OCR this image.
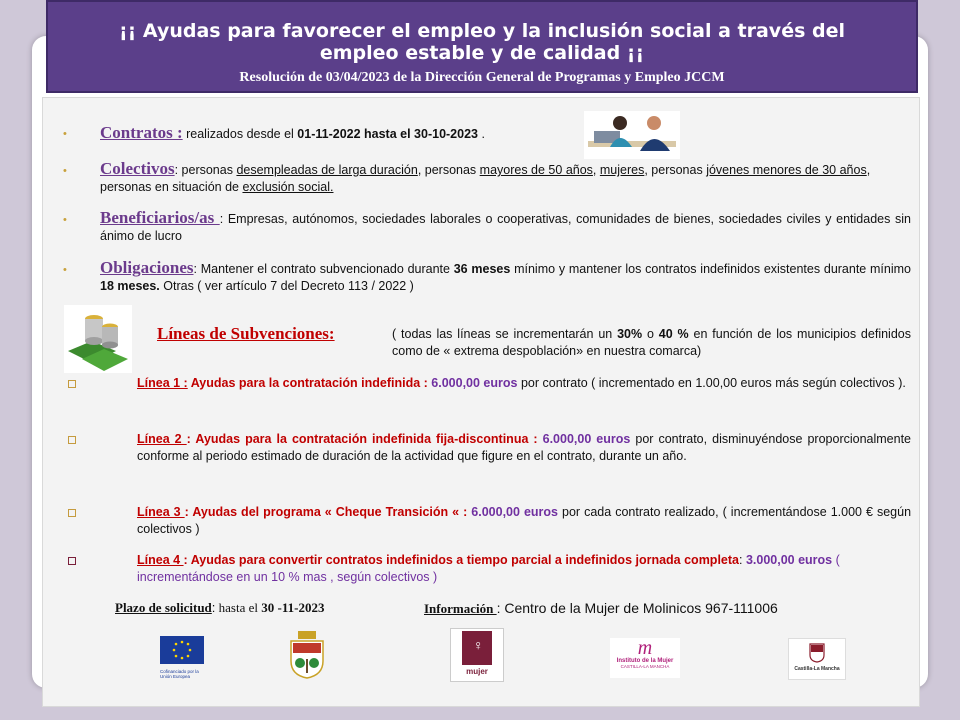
¡¡ Ayudas para favorecer el empleo y la inclusión social a través del empleo estable y de calidad ¡¡
Resolución de 03/04/2023 de la Dirección General de Programas y Empleo JCCM
• Contratos : realizados desde el 01-11-2022 hasta el 30-10-2023 .
• Colectivos: personas desempleadas de larga duración, personas mayores de 50 años, mujeres, personas jóvenes menores de 30 años, personas en situación de exclusión social.
• Beneficiarios/as : Empresas, autónomos, sociedades laborales o cooperativas, comunidades de bienes, sociedades civiles y entidades sin ánimo de lucro
• Obligaciones: Mantener el contrato subvencionado durante 36 meses mínimo y mantener los contratos indefinidos existentes durante mínimo 18 meses. Otras ( ver artículo 7 del Decreto 113 / 2022 )
Líneas de Subvenciones:	( todas las líneas se incrementarán un 30% o 40 % en función de los municipios definidos como de « extrema despoblación» en nuestra comarca)
Línea 1 : Ayudas para la contratación indefinida : 6.000,00 euros por contrato ( incrementado en 1.00,00 euros más según colectivos ).
Línea 2 : Ayudas para la contratación indefinida fija-discontinua : 6.000,00 euros por contrato, disminuyéndose proporcionalmente conforme al periodo estimado de duración de la actividad que figure en el contrato, durante un año.
Línea 3 : Ayudas del programa « Cheque Transición « : 6.000,00 euros por cada contrato realizado, ( incrementándose 1.000 € según colectivos )
Línea 4 : Ayudas para convertir contratos indefinidos a tiempo parcial a indefinidos jornada completa: 3.000,00 euros ( incrementándose en un 10 % mas , según colectivos )
Plazo de solicitud: hasta el 30 -11-2023	Información : Centro de la Mujer de Molinicos 967-111006
Cofinanciado por la Unión Europea
♀
mujer
m
Instituto de la Mujer
CASTILLA-LA MANCHA	Castilla-La Mancha
